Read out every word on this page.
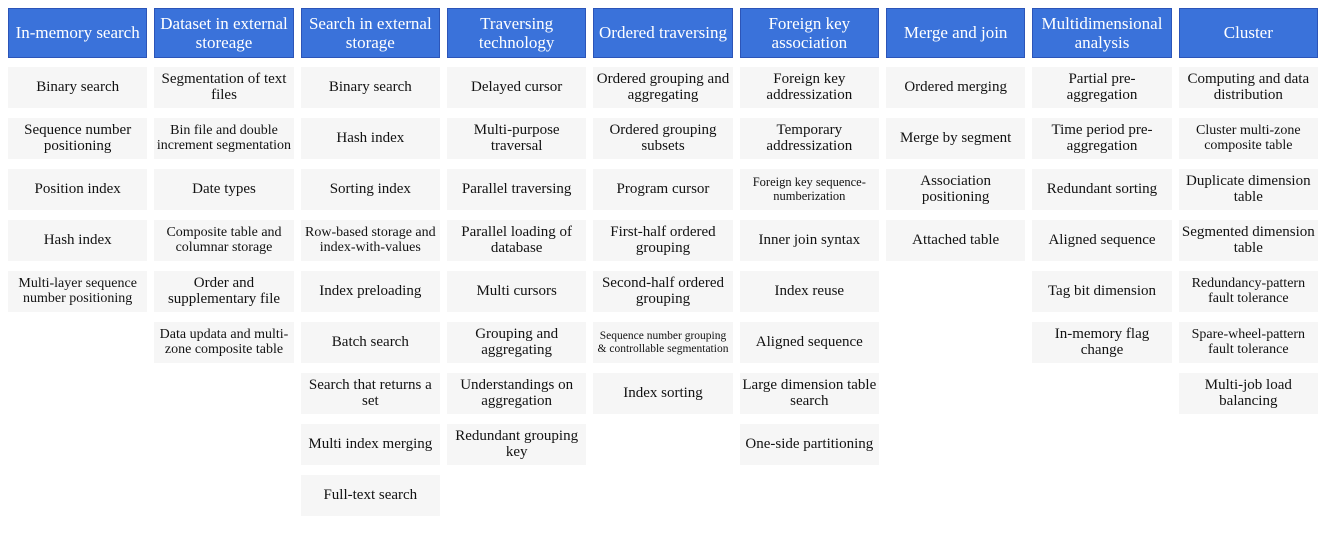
In-memory search
Binary search
Sequence number positioning
Position index
Hash index
Multi-layer sequence number positioning
Dataset in external storeage
Segmentation of text files
Bin file and double increment segmentation
Date types
Composite table and columnar storage
Order and supplementary file
Data updata and multi-zone composite table
Search in external storage
Binary search
Hash index
Sorting index
Row-based storage and index-with-values
Index preloading
Batch search
Search that returns a set
Multi index merging
Full-text search
Traversing technology
Delayed cursor
Multi-purpose traversal
Parallel traversing
Parallel loading of database
Multi cursors
Grouping and aggregating
Understandings on aggregation
Redundant grouping key
Ordered traversing
Ordered grouping and aggregating
Ordered grouping subsets
Program cursor
First-half ordered grouping
Second-half ordered grouping
Sequence number grouping & controllable segmentation
Index sorting
Foreign key association
Foreign key addressization
Temporary addressization
Foreign key sequence-numberization
Inner join syntax
Index reuse
Aligned sequence
Large dimension table search
One-side partitioning
Merge and join
Ordered merging
Merge by segment
Association positioning
Attached table
Multidimensional analysis
Partial pre-aggregation
Time period pre-aggregation
Redundant sorting
Aligned sequence
Tag bit dimension
In-memory flag change
Cluster
Computing and data distribution
Cluster multi-zone composite table
Duplicate dimension table
Segmented dimension table
Redundancy-pattern fault tolerance
Spare-wheel-pattern fault tolerance
Multi-job load balancing
